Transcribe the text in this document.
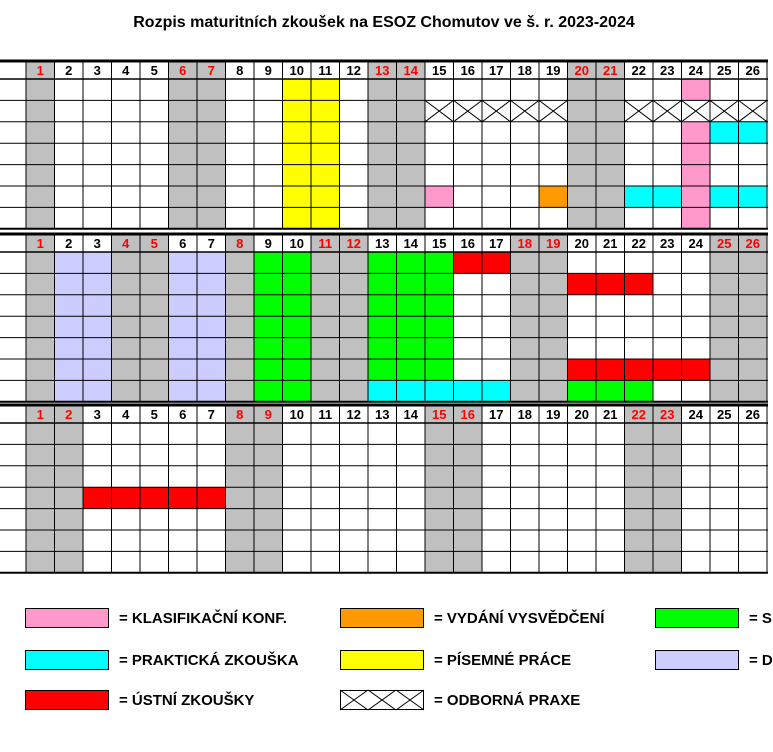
Rozpis maturitních zkoušek na ESOZ Chomutov ve š. r. 2023-2024
1 2 3 4 5 6 7 8 9 10 11 12 13 14 15 16 17 18 19 20 21 22 23 24 25 26
1 2 3 4 5 6 7 8 9 10 11 12 13 14 15 16 17 18 19 20 21 22 23 24 25 26
1 2 3 4 5 6 7 8 9 10 11 12 13 14 15 16 17 18 19 20 21 22 23 24 25 26
= KLASIFIKAČNÍ KONF.	= VYDÁNÍ VYSVĚDČENÍ	= S
= PRAKTICKÁ ZKOUŠKA	= PÍSEMNÉ PRÁCE	= D
= ÚSTNÍ ZKOUŠKY	= ODBORNÁ PRAXE
